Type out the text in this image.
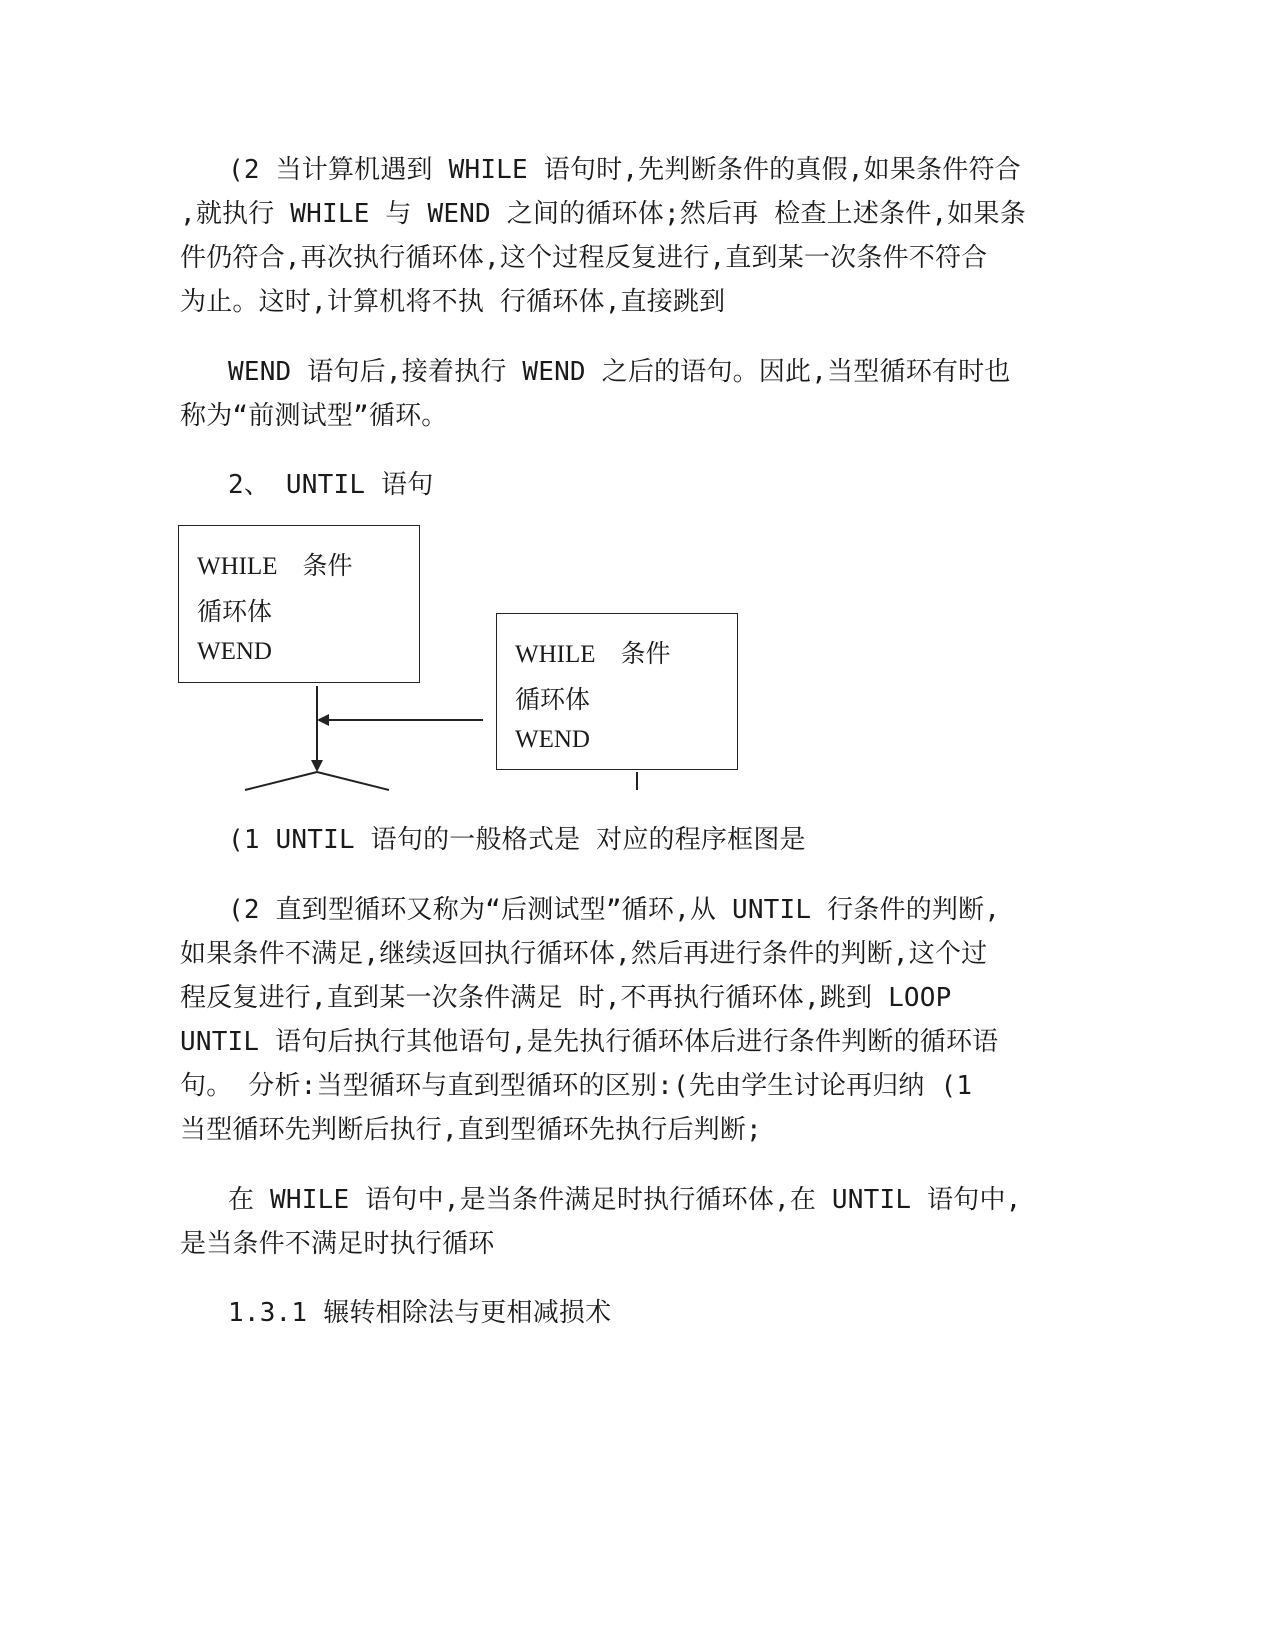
(2 当计算机遇到 WHILE 语句时,先判断条件的真假,如果条件符合
,就执行 WHILE 与 WEND 之间的循环体;然后再 检查上述条件,如果条
件仍符合,再次执行循环体,这个过程反复进行,直到某一次条件不符合
为止。这时,计算机将不执 行循环体,直接跳到
WEND 语句后,接着执行 WEND 之后的语句。因此,当型循环有时也
称为“前测试型”循环。
2、 UNTIL 语句
WHILE　条件
循环体
WEND	WHILE　条件
循环体
WEND
(1 UNTIL 语句的一般格式是 对应的程序框图是
(2 直到型循环又称为“后测试型”循环,从 UNTIL 行条件的判断,
如果条件不满足,继续返回执行循环体,然后再进行条件的判断,这个过
程反复进行,直到某一次条件满足 时,不再执行循环体,跳到 LOOP
UNTIL 语句后执行其他语句,是先执行循环体后进行条件判断的循环语
句。 分析:当型循环与直到型循环的区别:(先由学生讨论再归纳 (1
当型循环先判断后执行,直到型循环先执行后判断;
在 WHILE 语句中,是当条件满足时执行循环体,在 UNTIL 语句中,
是当条件不满足时执行循环
1.3.1 辗转相除法与更相减损术
